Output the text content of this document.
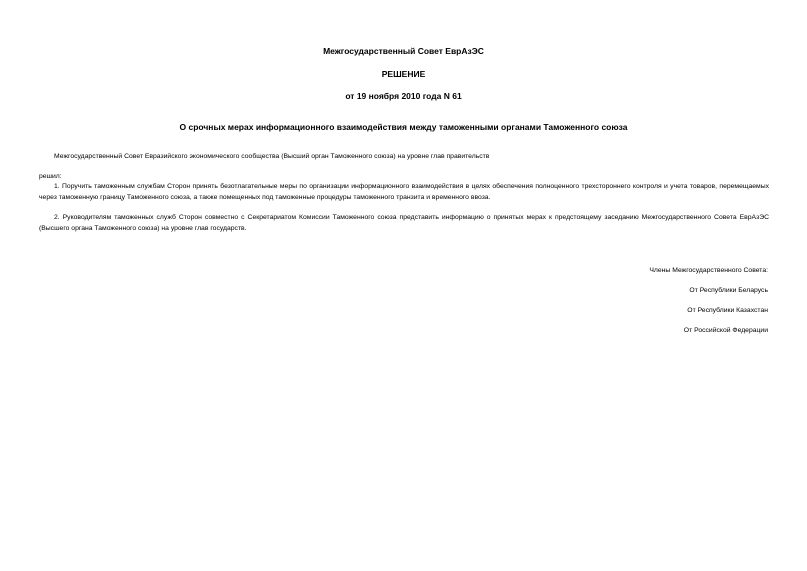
Межгосударственный Совет ЕврАзЭС
РЕШЕНИЕ
от 19 ноября 2010 года N 61
О срочных мерах информационного взаимодействия между таможенными органами Таможенного союза
Межгосударственный Совет Евразийского экономического сообщества (Высший орган Таможенного союза) на уровне глав правительств
решил:
1. Поручить таможенным службам Сторон принять безотлагательные меры по организации информационного взаимодействия в целях обеспечения полноценного трехстороннего контроля и учета товаров, перемещаемых через таможенную границу Таможенного союза, а также помещенных под таможенные процедуры таможенного транзита и временного ввоза.
2. Руководителям таможенных служб Сторон совместно с Секретариатом Комиссии Таможенного союза представить информацию о принятых мерах к предстоящему заседанию Межгосударственного Совета ЕврАзЭС (Высшего органа Таможенного союза) на уровне глав государств.
Члены Межгосударственного Совета:
От Республики Беларусь
От Республики Казахстан
От Российской Федерации
